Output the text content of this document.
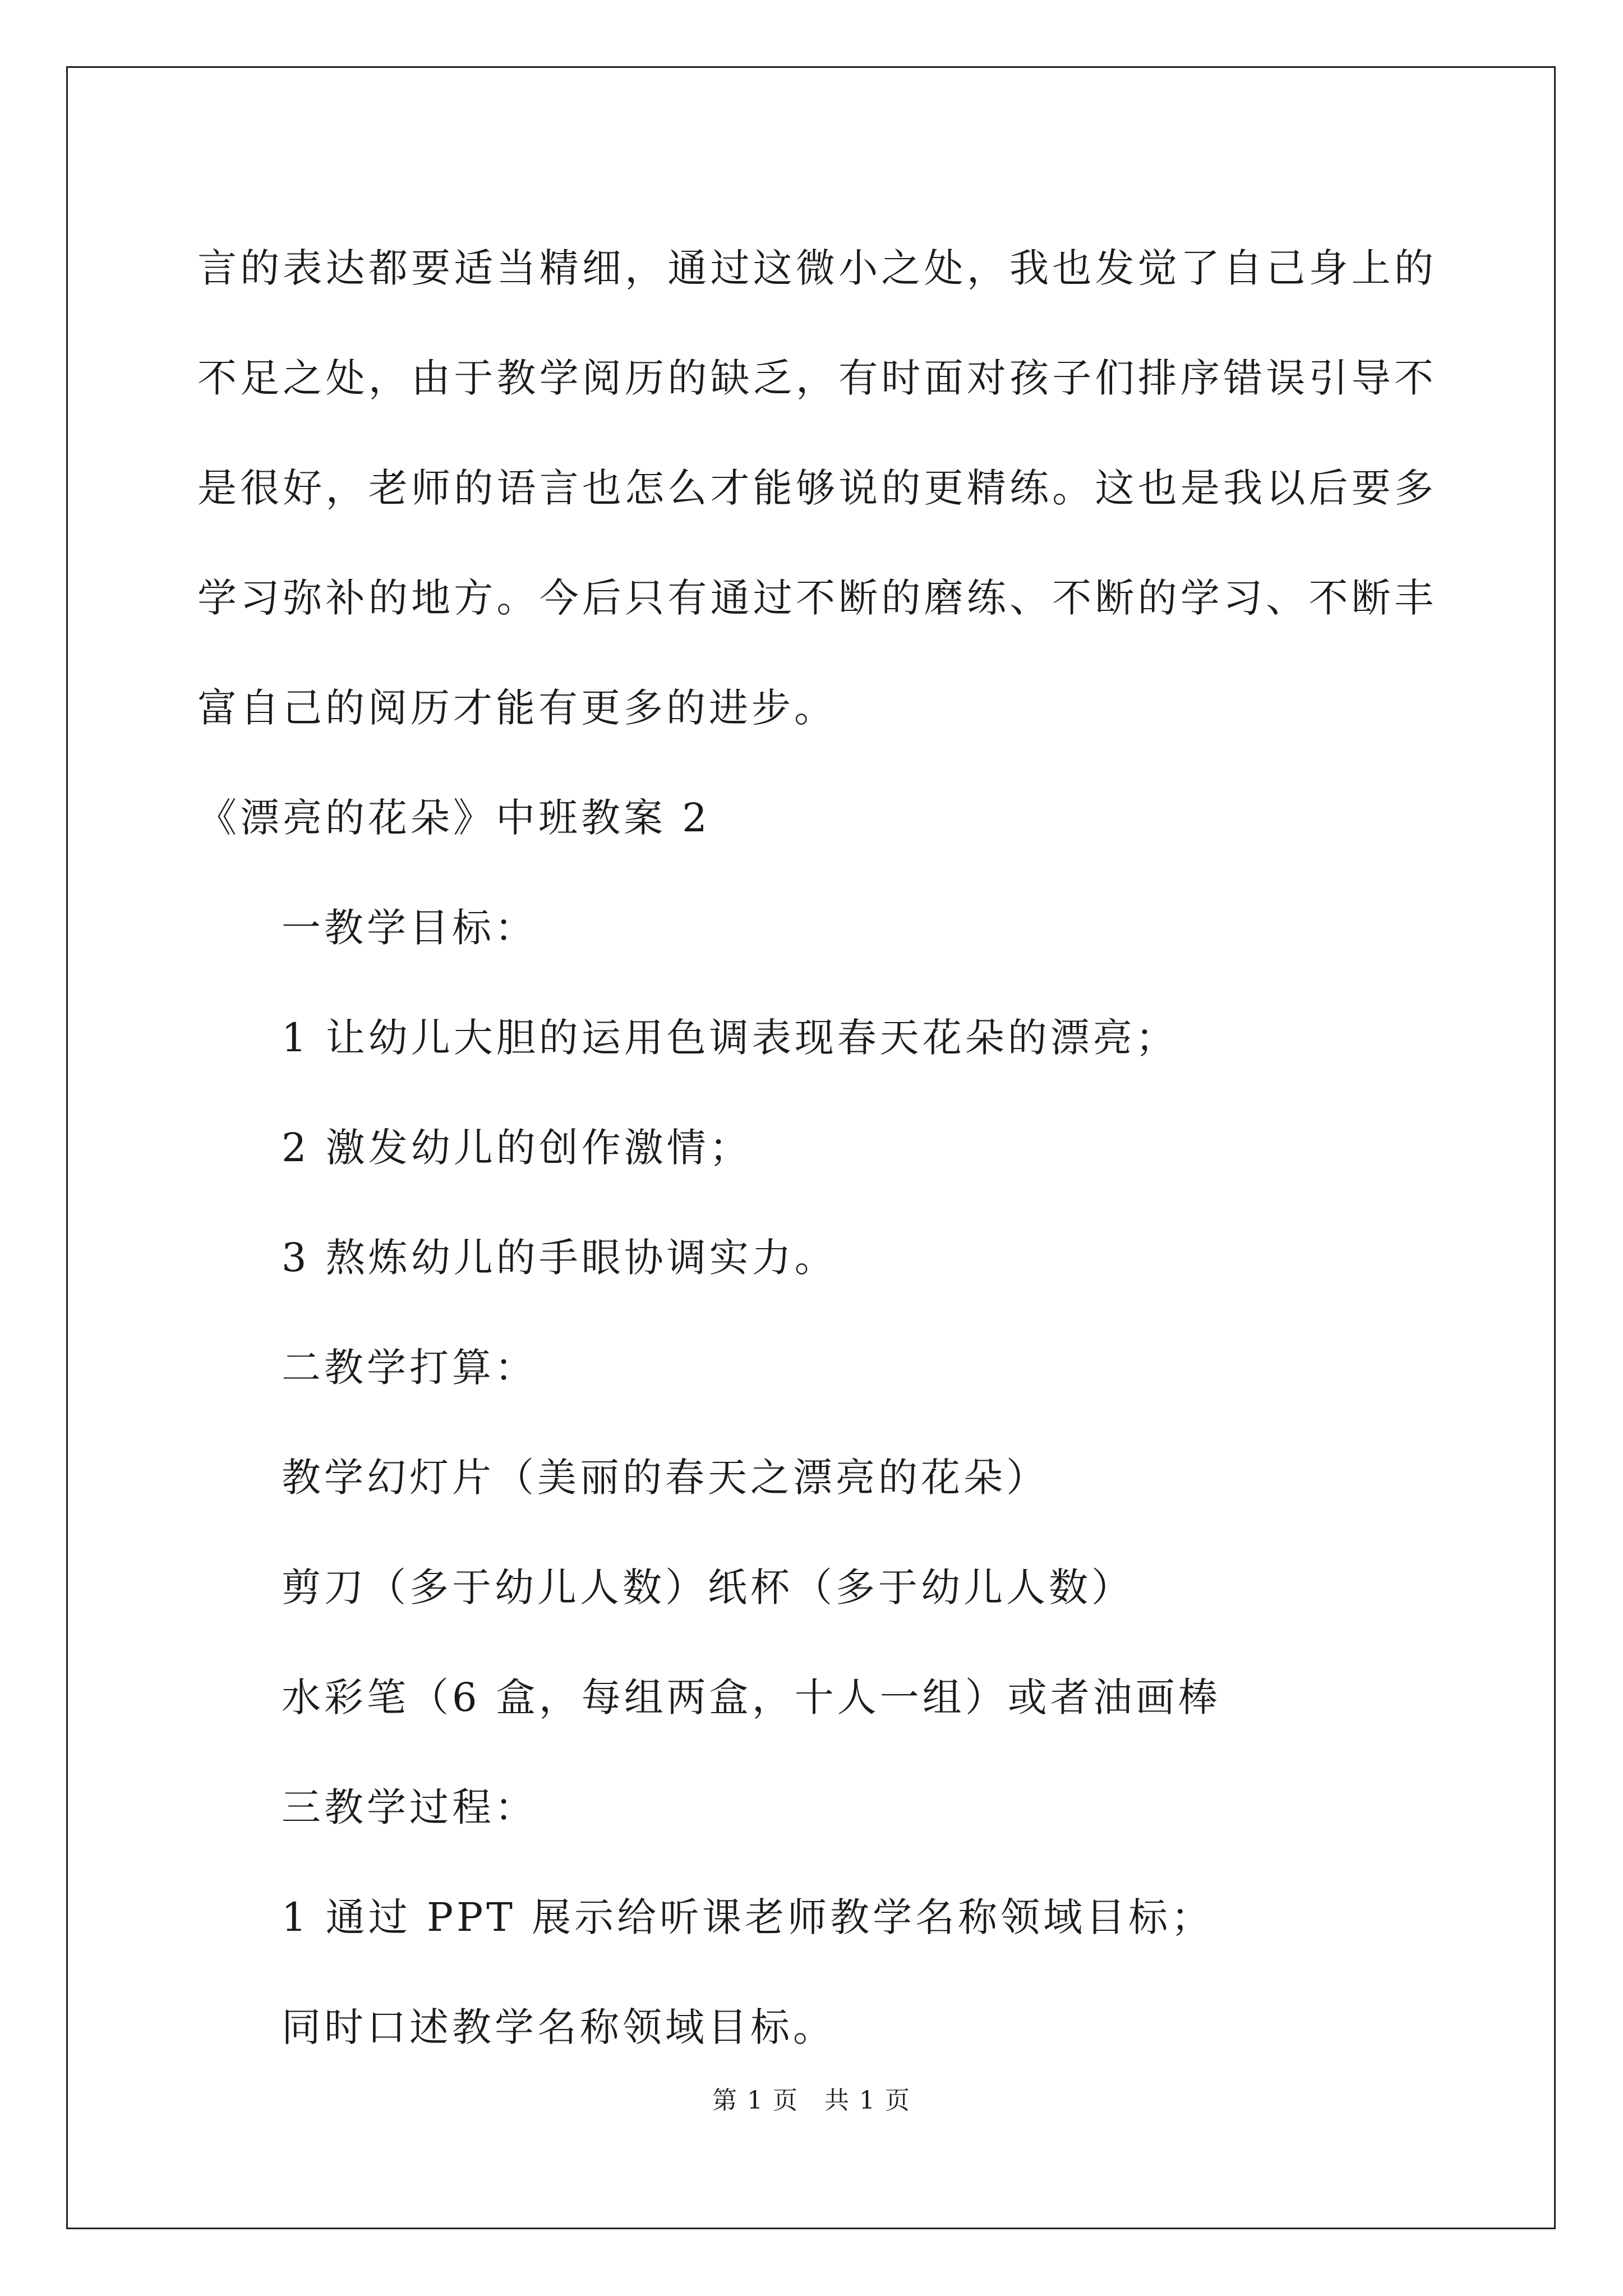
言的表达都要适当精细，通过这微小之处，我也发觉了自己身上的不足之处，由于教学阅历的缺乏，有时面对孩子们排序错误引导不是很好，老师的语言也怎么才能够说的更精练。这也是我以后要多学习弥补的地方。今后只有通过不断的磨练、不断的学习、不断丰富自己的阅历才能有更多的进步。

《漂亮的花朵》中班教案 2

一教学目标：

1 让幼儿大胆的运用色调表现春天花朵的漂亮；

2 激发幼儿的创作激情；

3 熬炼幼儿的手眼协调实力。

二教学打算：

教学幻灯片（美丽的春天之漂亮的花朵）

剪刀（多于幼儿人数）纸杯（多于幼儿人数）

水彩笔（6 盒，每组两盒，十人一组）或者油画棒

三教学过程：

1 通过 PPT 展示给听课老师教学名称领域目标；

同时口述教学名称领域目标。

第 1 页　共 1 页
